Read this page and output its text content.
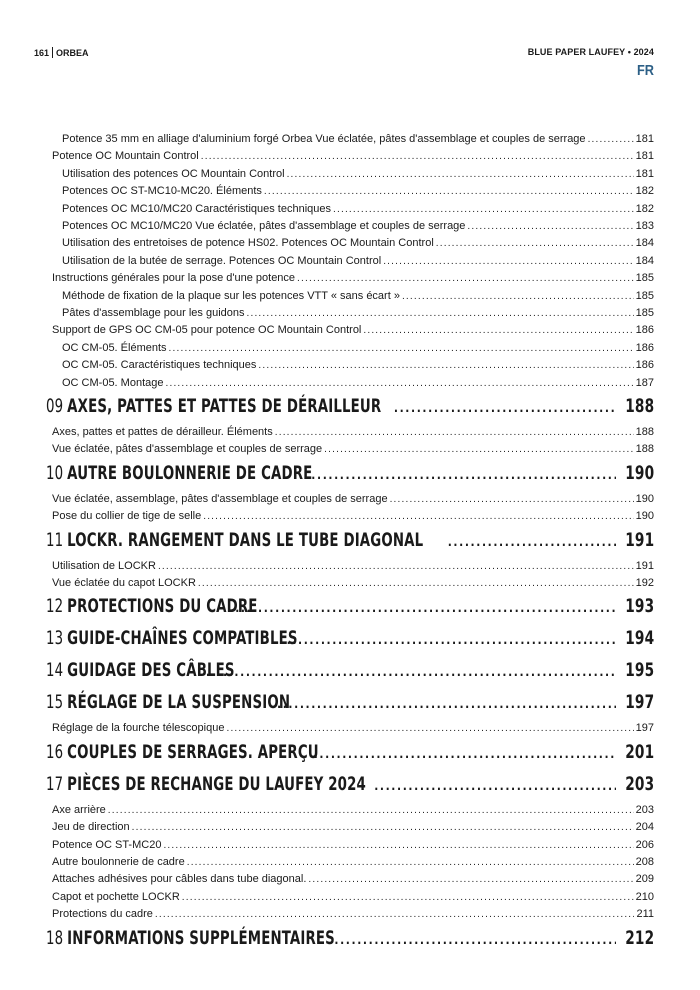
161 ORBEA	BLUE PAPER LAUFEY • 2024
FR
Potence 35 mm en alliage d'aluminium forgé Orbea Vue éclatée, pâtes d'assemblage et couples de serrage .....	181
Potence OC Mountain Control .....	181
Utilisation des potences OC Mountain Control .....	181
Potences OC ST-MC10-MC20. Éléments .....	182
Potences OC MC10/MC20 Caractéristiques techniques .....	182
Potences OC MC10/MC20 Vue éclatée, pâtes d'assemblage et couples de serrage .....	183
Utilisation des entretoises de potence HS02. Potences OC Mountain Control .....	184
Utilisation de la butée de serrage. Potences OC Mountain Control .....	184
Instructions générales pour la pose d'une potence .....	185
Méthode de fixation de la plaque sur les potences VTT « sans écart » .....	185
Pâtes d'assemblage pour les guidons .....	185
Support de GPS OC CM-05 pour potence OC Mountain Control .....	186
OC CM-05. Éléments .....	186
OC CM-05. Caractéristiques techniques .....	186
OC CM-05. Montage .....	187
09 AXES, PATTES ET PATTES DE DÉRAILLEUR .....	188
Axes, pattes et pattes de dérailleur. Éléments .....	188
Vue éclatée, pâtes d'assemblage et couples de serrage .....	188
10 AUTRE BOULONNERIE DE CADRE .....	190
Vue éclatée, assemblage, pâtes d'assemblage et couples de serrage .....	190
Pose du collier de tige de selle .....	190
11 LOCKR. RANGEMENT DANS LE TUBE DIAGONAL .....	191
Utilisation de LOCKR .....	191
Vue éclatée du capot LOCKR .....	192
12 PROTECTIONS DU CADRE .....	193
13 GUIDE-CHAÎNES COMPATIBLES .....	194
14 GUIDAGE DES CÂBLES .....	195
15 RÉGLAGE DE LA SUSPENSION .....	197
Réglage de la fourche télescopique .....	197
16 COUPLES DE SERRAGES. APERÇU .....	201
17 PIÈCES DE RECHANGE DU LAUFEY 2024 .....	203
Axe arrière .....	203
Jeu de direction .....	204
Potence OC ST-MC20 .....	206
Autre boulonnerie de cadre .....	208
Attaches adhésives pour câbles dans tube diagonal. .....	209
Capot et pochette LOCKR .....	210
Protections du cadre .....	211
18 INFORMATIONS SUPPLÉMENTAIRES .....	212
